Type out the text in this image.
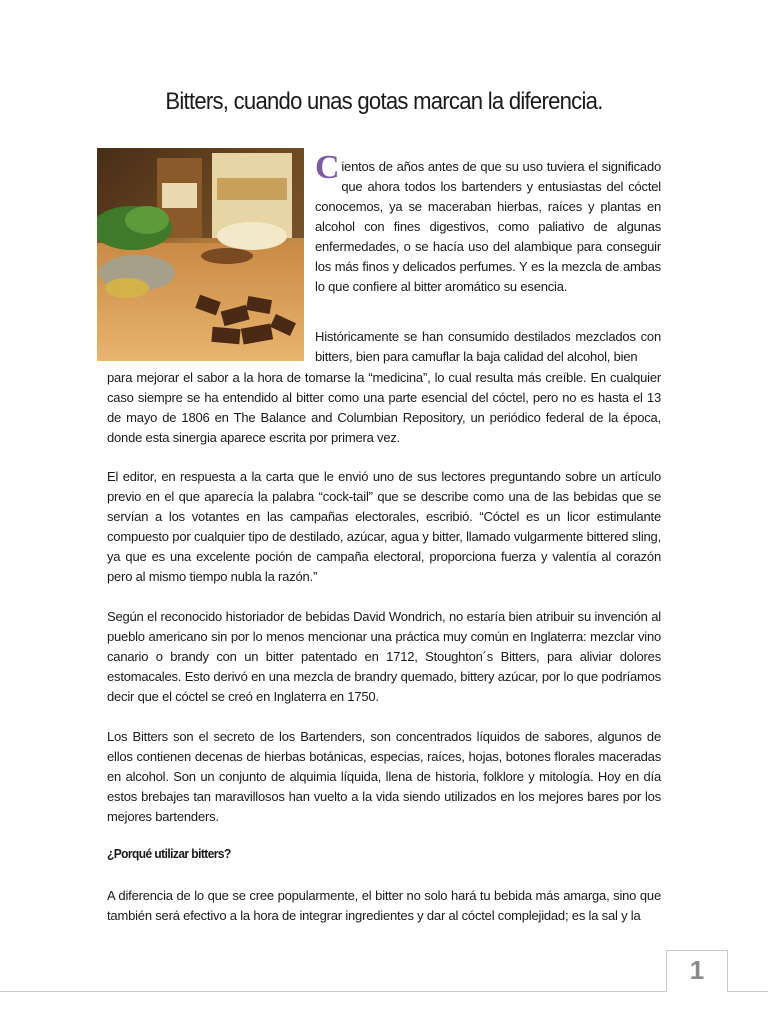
Bitters, cuando unas gotas marcan la diferencia.

Cientos de años antes de que su uso tuviera el significado que ahora todos los bartenders y entusiastas del cóctel conocemos, ya se maceraban hierbas, raíces y plantas en alcohol con fines digestivos, como paliativo de algunas enfermedades, o se hacía uso del alambique para conseguir los más finos y delicados perfumes. Y es la mezcla de ambas lo que confiere al bitter aromático su esencia.

Históricamente se han consumido destilados mezclados con bitters, bien para camuflar la baja calidad del alcohol, bien

para mejorar el sabor a la hora de tomarse la “medicina”, lo cual resulta más creíble. En cualquier caso siempre se ha entendido al bitter como una parte esencial del cóctel, pero no es hasta el 13 de mayo de 1806 en The Balance and Columbian Repository, un periódico federal de la época, donde esta sinergia aparece escrita por primera vez.

El editor, en respuesta a la carta que le envió uno de sus lectores preguntando sobre un artículo previo en el que aparecía la palabra “cock-tail” que se describe como una de las bebidas que se servían a los votantes en las campañas electorales, escribió. “Cóctel es un licor estimulante compuesto por cualquier tipo de destilado, azúcar, agua y bitter, llamado vulgarmente bittered sling, ya que es una excelente poción de campaña electoral, proporciona fuerza y valentía al corazón pero al mismo tiempo nubla la razón.”

Según el reconocido historiador de bebidas David Wondrich, no estaría bien atribuir su invención al pueblo americano sin por lo menos mencionar una práctica muy común en Inglaterra: mezclar vino canario o brandy con un bitter patentado en 1712, Stoughton´s Bitters, para aliviar dolores estomacales. Esto derivó en una mezcla de brandry quemado, bittery azúcar, por lo que podríamos decir que el cóctel se creó en Inglaterra en 1750.

Los Bitters son el secreto de los Bartenders, son concentrados líquidos de sabores, algunos de ellos contienen decenas de hierbas botánicas, especias, raíces, hojas, botones florales maceradas en alcohol. Son un conjunto de alquimia líquida, llena de historia, folklore y mitología. Hoy en día estos brebajes tan maravillosos han vuelto a la vida siendo utilizados en los mejores bares por los mejores bartenders.

¿Porqué utilizar bitters?

A diferencia de lo que se cree popularmente, el bitter no solo hará tu bebida más amarga, sino que también será efectivo a la hora de integrar ingredientes y dar al cóctel complejidad; es la sal y la

1
